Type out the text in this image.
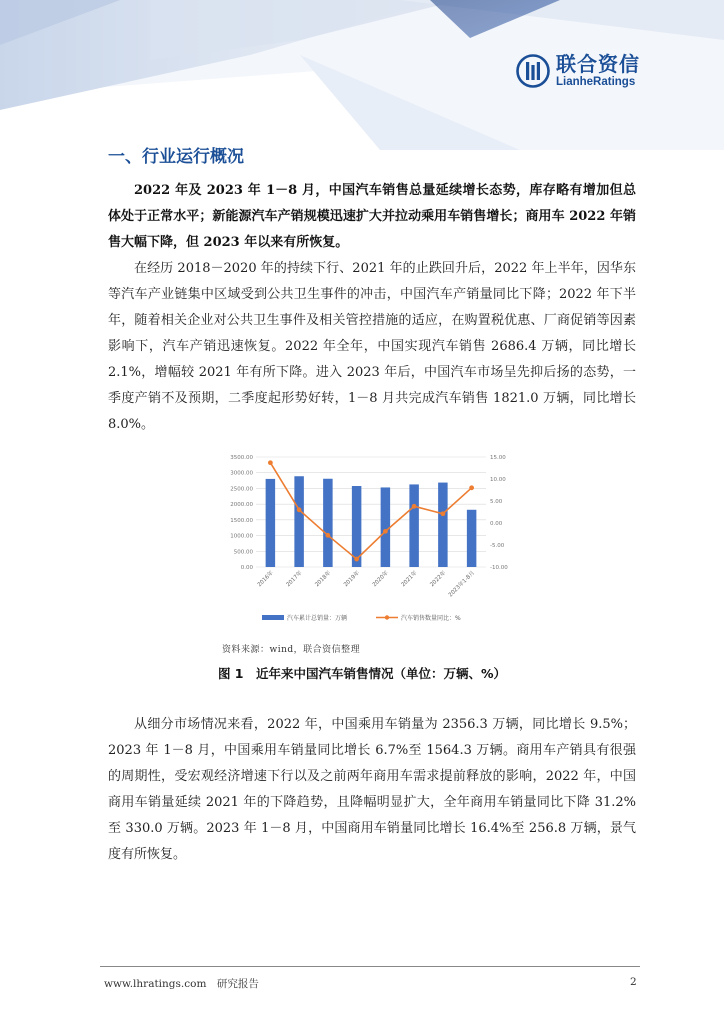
联合资信
LianheRatings
一、行业运行概况

2022 年及 2023 年 1－8 月，中国汽车销售总量延续增长态势，库存略有增加但总体处于正常水平；新能源汽车产销规模迅速扩大并拉动乘用车销售增长；商用车 2022 年销售大幅下降，但 2023 年以来有所恢复。

在经历 2018－2020 年的持续下行、2021 年的止跌回升后，2022 年上半年，因华东等汽车产业链集中区域受到公共卫生事件的冲击，中国汽车产销量同比下降；2022 年下半年，随着相关企业对公共卫生事件及相关管控措施的适应，在购置税优惠、厂商促销等因素影响下，汽车产销迅速恢复。2022 年全年，中国实现汽车销售 2686.4 万辆，同比增长 2.1%，增幅较 2021 年有所下降。进入 2023 年后，中国汽车市场呈先抑后扬的态势，一季度产销不及预期，二季度起形势好转，1－8 月共完成汽车销售 1821.0 万辆，同比增长 8.0%。

0.00
500.00
1000.00
1500.00
2000.00
2500.00
3000.00
3500.00
-10.00
-5.00
0.00
5.00
10.00
15.00
2016年 2017年 2018年 2019年 2020年 2021年 2022年 2023年1-8月
汽车累计总销量：万辆	汽车销售数量同比：%
资料来源：wind，联合资信整理
图 1　近年来中国汽车销售情况（单位：万辆、%）

从细分市场情况来看，2022 年，中国乘用车销量为 2356.3 万辆，同比增长 9.5%；2023 年 1－8 月，中国乘用车销量同比增长 6.7%至 1564.3 万辆。商用车产销具有很强的周期性，受宏观经济增速下行以及之前两年商用车需求提前释放的影响，2022 年，中国商用车销量延续 2021 年的下降趋势，且降幅明显扩大，全年商用车销量同比下降 31.2%至 330.0 万辆。2023 年 1－8 月，中国商用车销量同比增长 16.4%至 256.8 万辆，景气度有所恢复。

www.lhratings.com　研究报告	2
